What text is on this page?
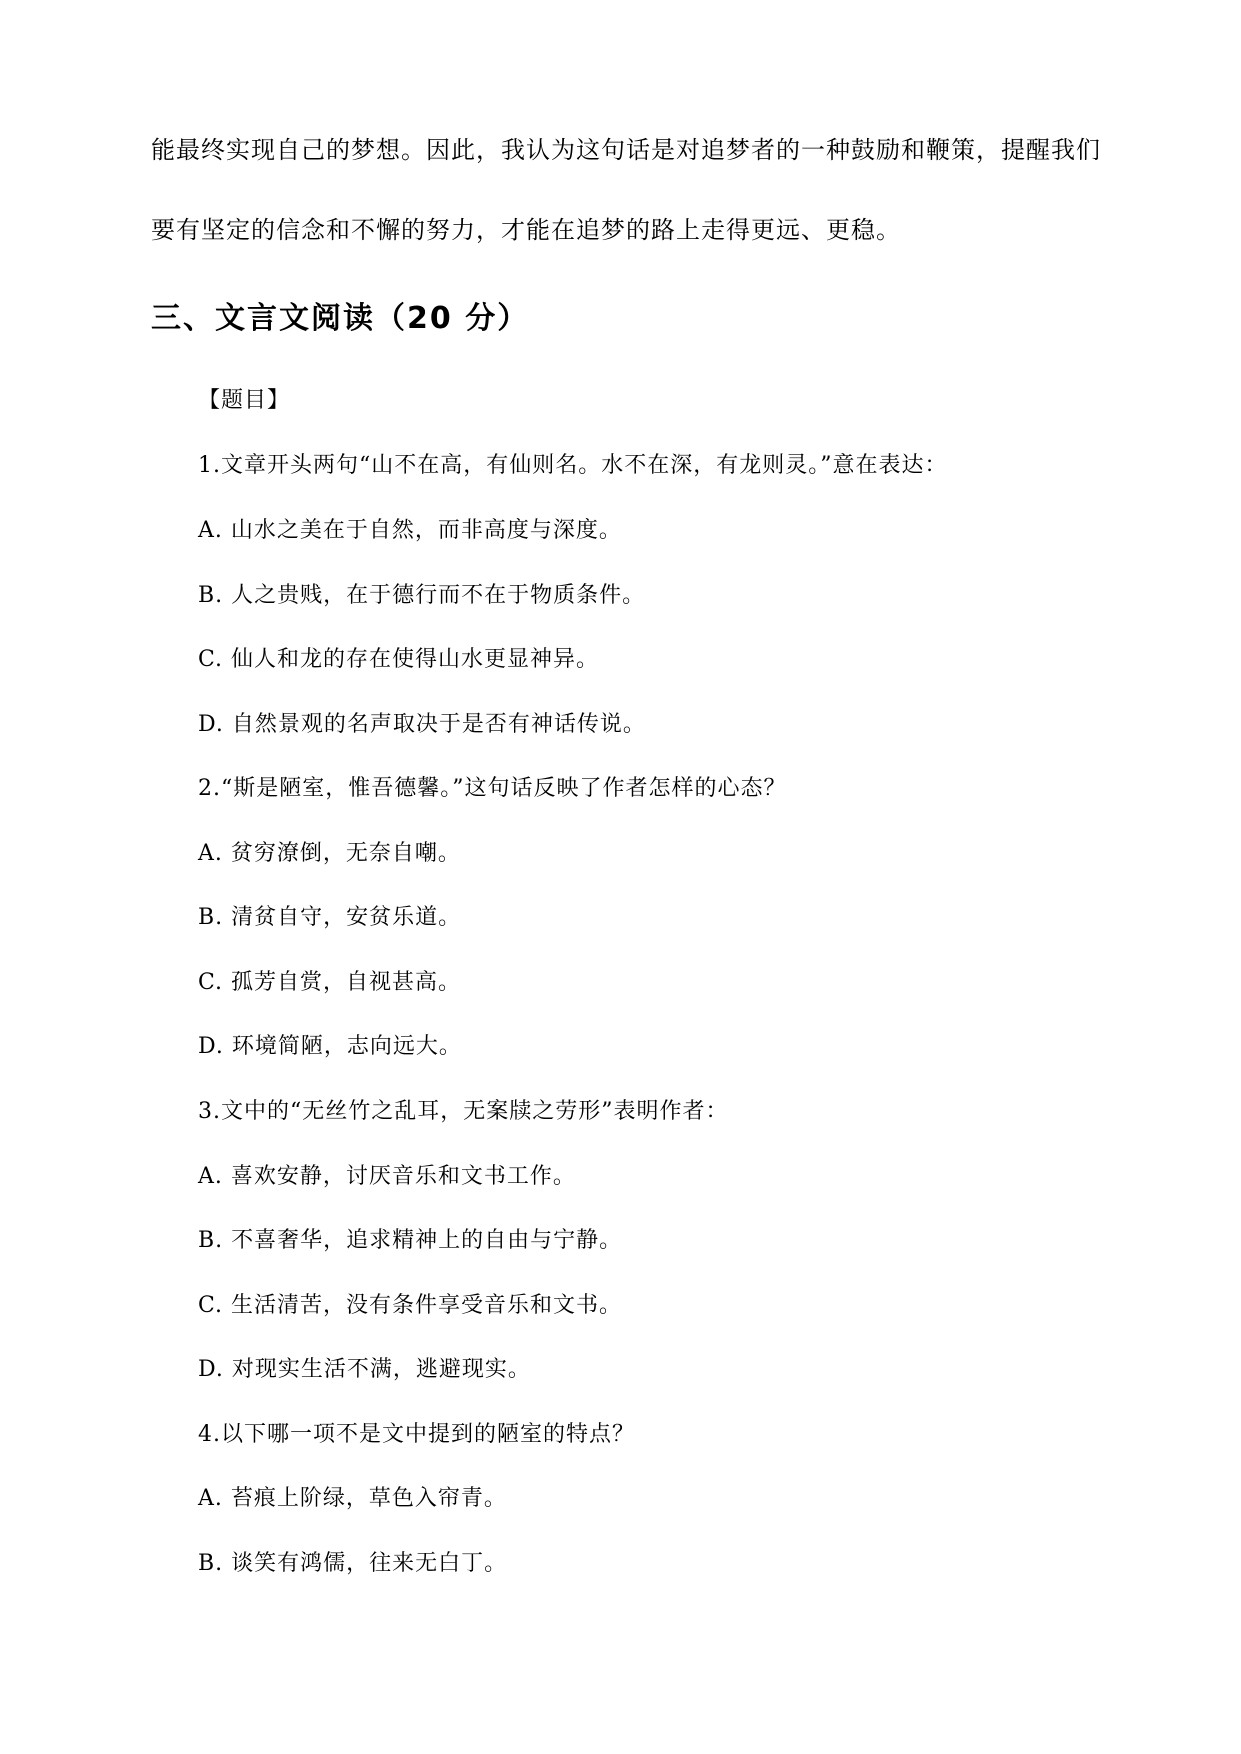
能最终实现自己的梦想。因此，我认为这句话是对追梦者的一种鼓励和鞭策，提醒我们
要有坚定的信念和不懈的努力，才能在追梦的路上走得更远、更稳。
三、文言文阅读（20 分）
【题目】
1.文章开头两句“山不在高，有仙则名。水不在深，有龙则灵。”意在表达：
A. 山水之美在于自然，而非高度与深度。
B. 人之贵贱，在于德行而不在于物质条件。
C. 仙人和龙的存在使得山水更显神异。
D. 自然景观的名声取决于是否有神话传说。
2.“斯是陋室，惟吾德馨。”这句话反映了作者怎样的心态？
A. 贫穷潦倒，无奈自嘲。
B. 清贫自守，安贫乐道。
C. 孤芳自赏，自视甚高。
D. 环境简陋，志向远大。
3.文中的“无丝竹之乱耳，无案牍之劳形”表明作者：
A. 喜欢安静，讨厌音乐和文书工作。
B. 不喜奢华，追求精神上的自由与宁静。
C. 生活清苦，没有条件享受音乐和文书。
D. 对现实生活不满，逃避现实。
4.以下哪一项不是文中提到的陋室的特点？
A. 苔痕上阶绿，草色入帘青。
B. 谈笑有鸿儒，往来无白丁。
